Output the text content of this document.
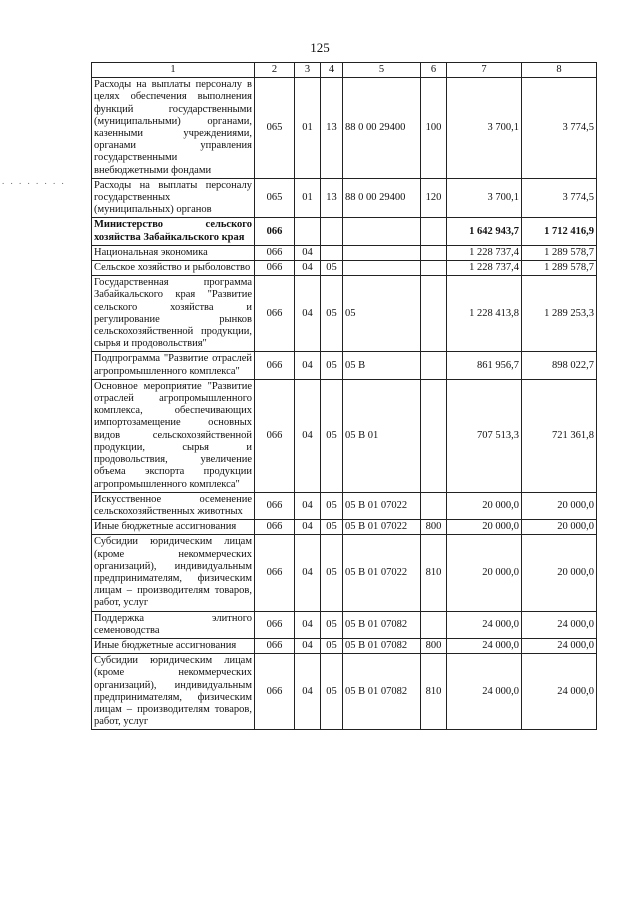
125
. . . . . . . .
1	2	3	4	5	6	7	8
Расходы на выплаты персоналу в целях обеспечения выполнения функций государственными (муниципальными) органами, казенными учреждениями, органами управления государственными внебюджетными фондами	065	01	13	88 0 00 29400	100	3 700,1	3 774,5
Расходы на выплаты персоналу государственных (муниципальных) органов	065	01	13	88 0 00 29400	120	3 700,1	3 774,5
Министерство сельского хозяйства Забайкальского края	066					1 642 943,7	1 712 416,9
Национальная экономика	066	04				1 228 737,4	1 289 578,7
Сельское хозяйство и рыболовство	066	04	05			1 228 737,4	1 289 578,7
Государственная программа Забайкальского края "Развитие сельского хозяйства и регулирование рынков сельскохозяйственной продукции, сырья и продовольствия"	066	04	05	05		1 228 413,8	1 289 253,3
Подпрограмма "Развитие отраслей агропромышленного комплекса"	066	04	05	05 В		861 956,7	898 022,7
Основное мероприятие "Развитие отраслей агропромышленного комплекса, обеспечивающих импортозамещение основных видов сельскохозяйственной продукции, сырья и продовольствия, увеличение объема экспорта продукции агропромышленного комплекса"	066	04	05	05 В 01		707 513,3	721 361,8
Искусственное осеменение сельскохозяйственных животных	066	04	05	05 В 01 07022		20 000,0	20 000,0
Иные бюджетные ассигнования	066	04	05	05 В 01 07022	800	20 000,0	20 000,0
Субсидии юридическим лицам (кроме некоммерческих организаций), индивидуальным предпринимателям, физическим лицам – производителям товаров, работ, услуг	066	04	05	05 В 01 07022	810	20 000,0	20 000,0
Поддержка элитного семеноводства	066	04	05	05 В 01 07082		24 000,0	24 000,0
Иные бюджетные ассигнования	066	04	05	05 В 01 07082	800	24 000,0	24 000,0
Субсидии юридическим лицам (кроме некоммерческих организаций), индивидуальным предпринимателям, физическим лицам – производителям товаров, работ, услуг	066	04	05	05 В 01 07082	810	24 000,0	24 000,0
